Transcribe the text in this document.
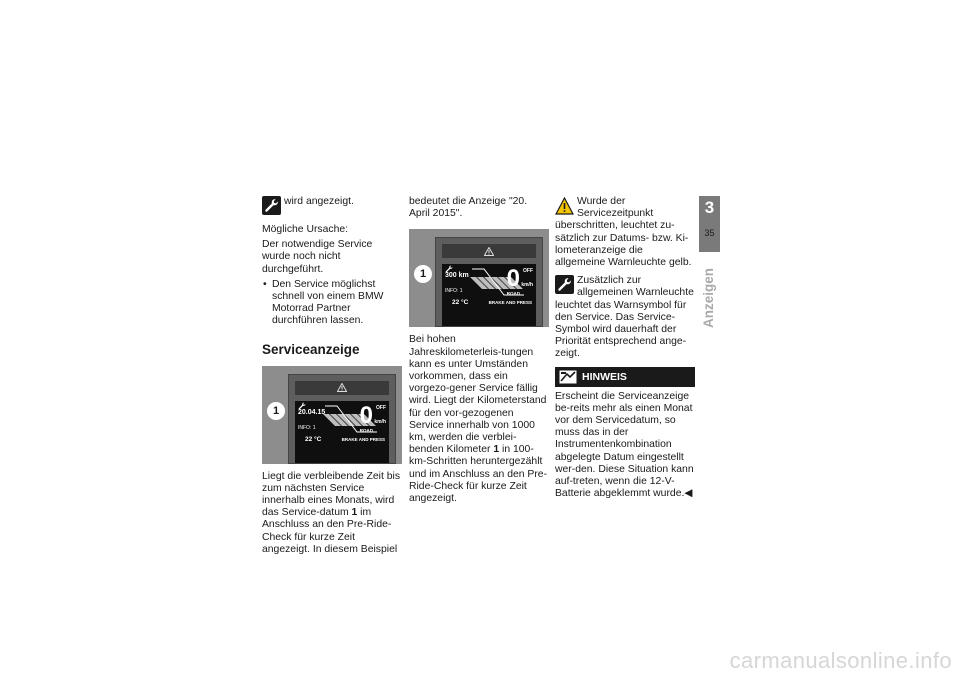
wird angezeigt.

Mögliche Ursache:

Der notwendige Service wurde noch nicht durchgeführt.

• Den Service möglichst schnell von einem BMW Motorrad Partner durchführen lassen.
Serviceanzeige
20.04.15 0 OFF
km/h
INFO: 1
22 °C
ROAD
BRAKE AND PRESS
1

Liegt die verbleibende Zeit bis zum nächsten Service innerhalb eines Monats, wird das Service-datum 1 im Anschluss an den Pre-Ride-Check für kurze Zeit angezeigt. In diesem Beispiel

bedeutet die Anzeige "20. April 2015".

300 km 0 OFF
km/h
INFO: 1
22 °C
ROAD
BRAKE AND PRESS
1

Bei hohen Jahreskilometerleis-tungen kann es unter Umständen vorkommen, dass ein vorgezo-gener Service fällig wird. Liegt der Kilometerstand für den vor-gezogenen Service innerhalb von 1000 km, werden die verblei-benden Kilometer 1 in 100-km-Schritten heruntergezählt und im Anschluss an den Pre-Ride-Check für kurze Zeit angezeigt.

Wurde der Servicezeitpunkt überschritten, leuchtet zu-sätzlich zur Datums- bzw. Ki-lometeranzeige die allgemeine Warnleuchte gelb.
Zusätzlich zur allgemeinen Warnleuchte leuchtet das Warnsymbol für den Service. Das Service-Symbol wird dauerhaft der Priorität entsprechend ange-zeigt.
HINWEIS

Erscheint die Serviceanzeige be-reits mehr als einen Monat vor dem Servicedatum, so muss das in der Instrumentenkombination abgelegte Datum eingestellt wer-den. Diese Situation kann auf-treten, wenn die 12-V-Batterie abgeklemmt wurde.◀

3
35
Anzeigen
carmanualsonline.info
